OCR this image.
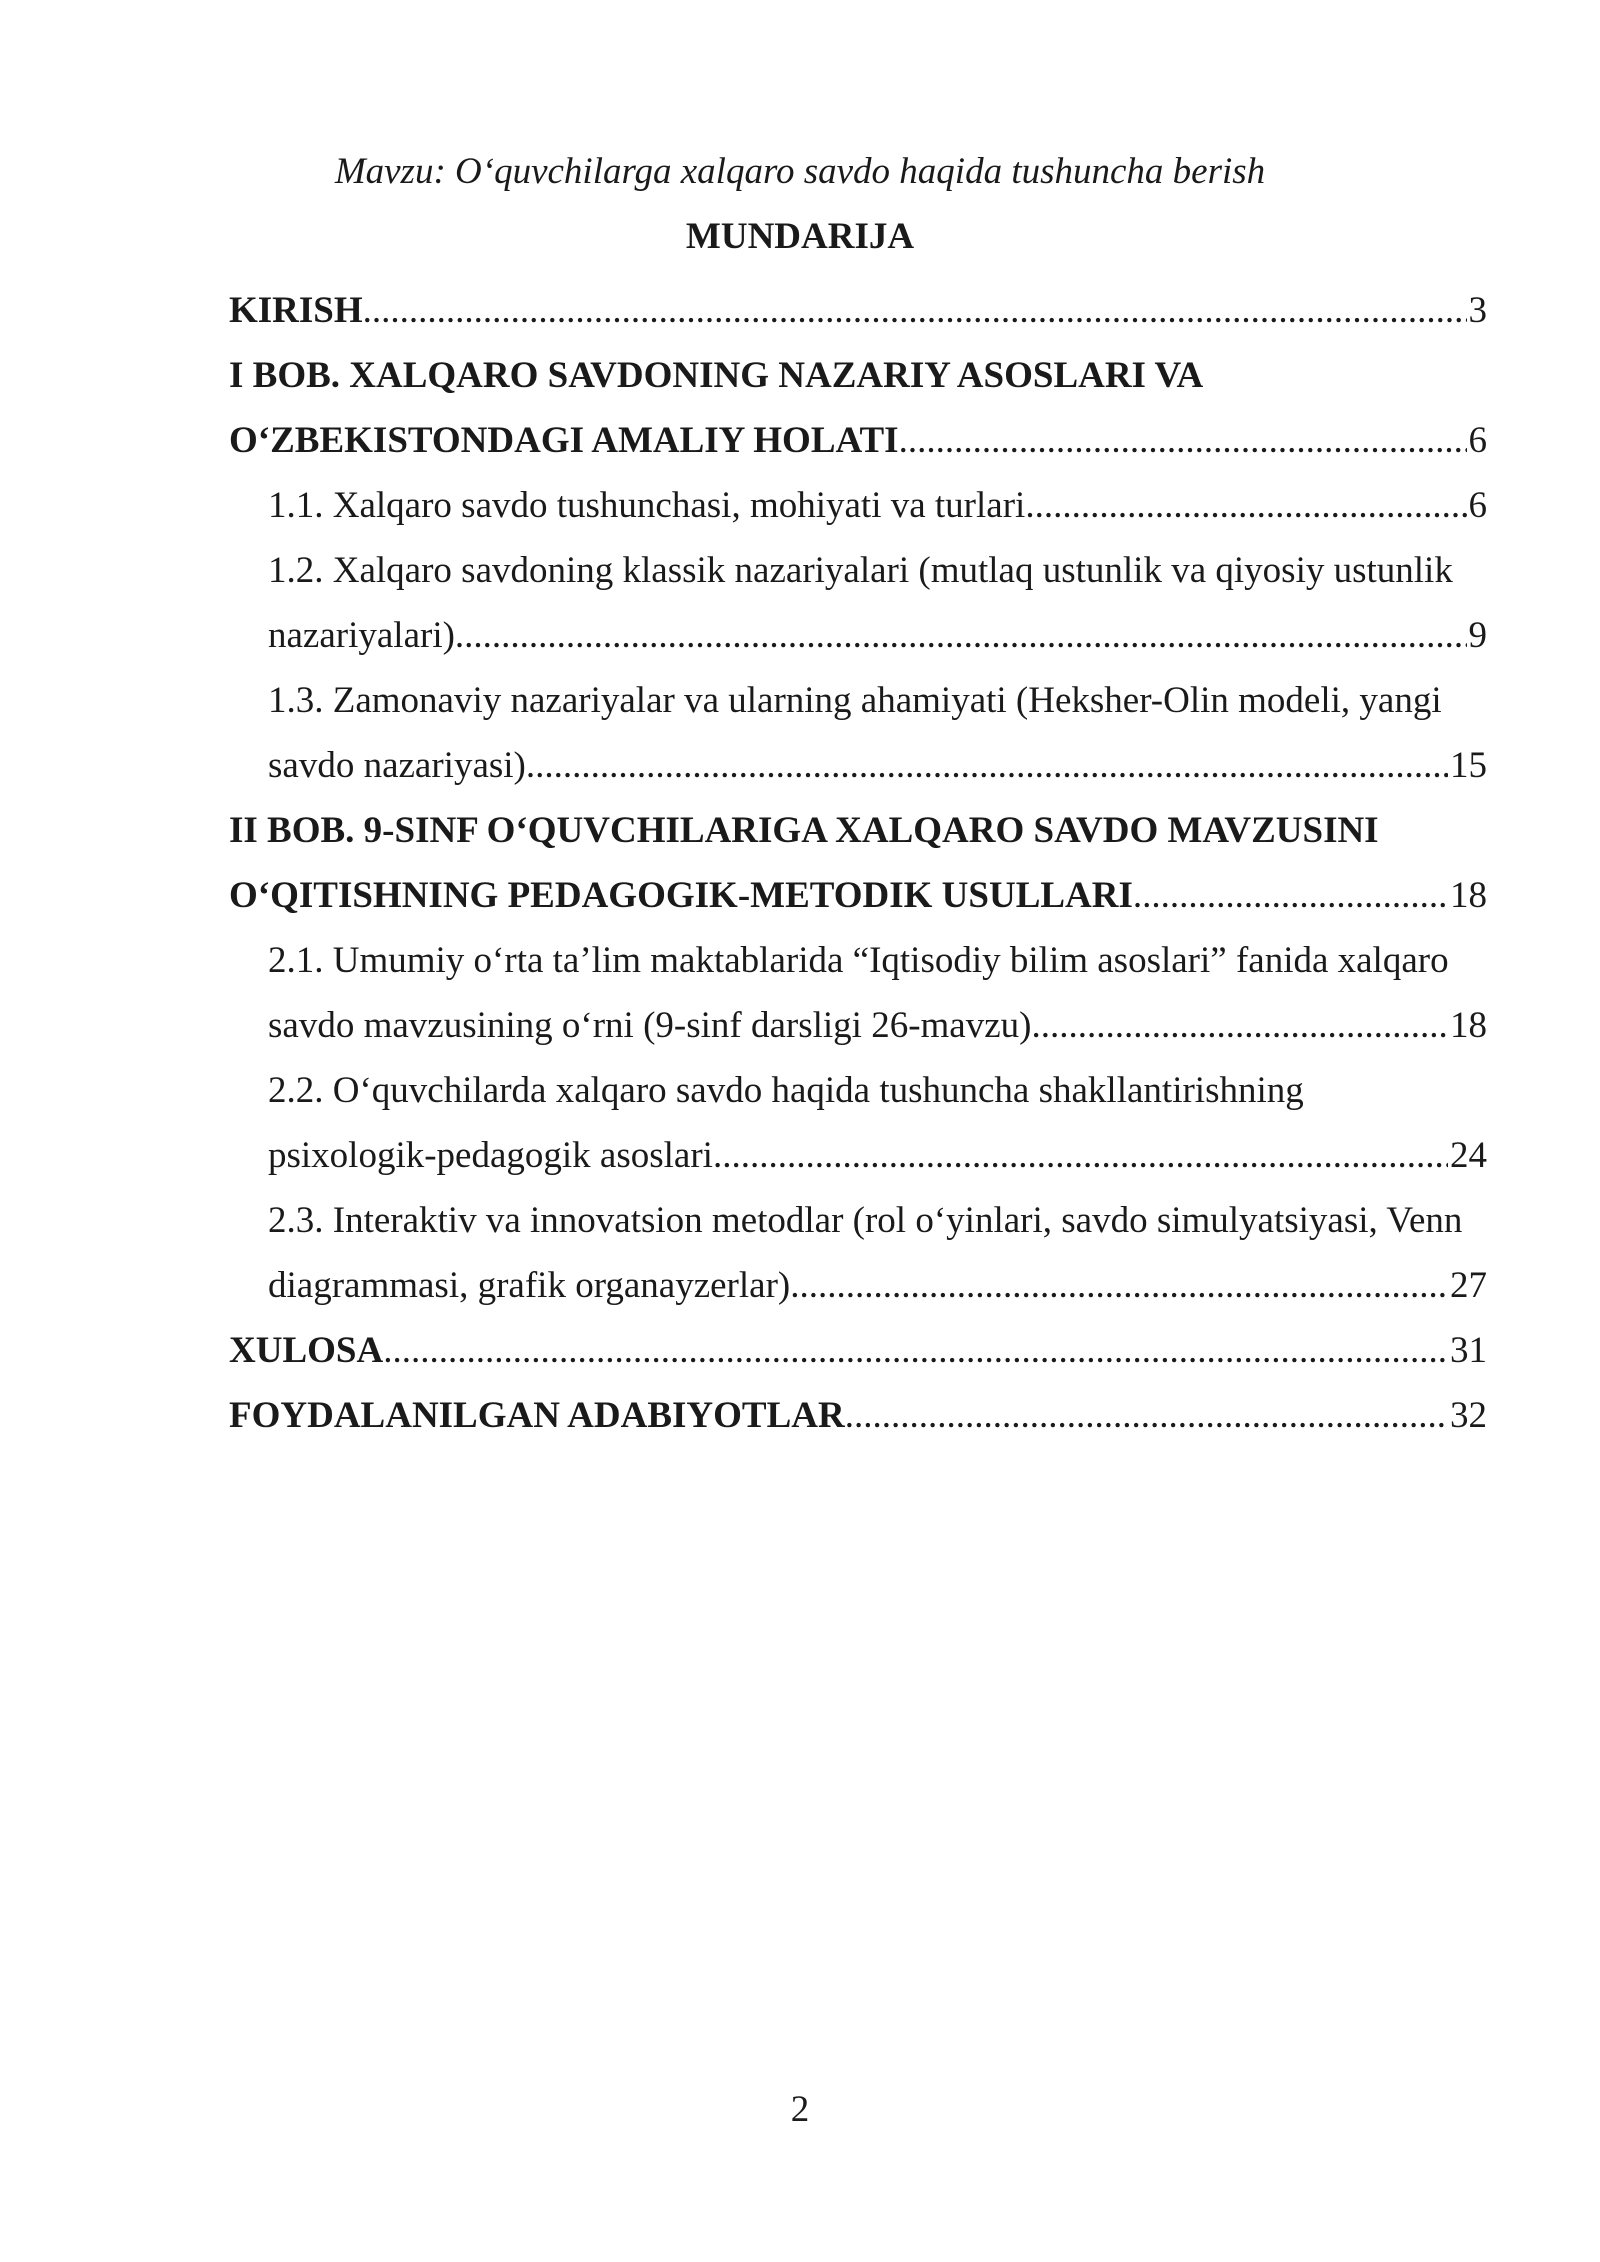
Mavzu: O‘quvchilarga xalqaro savdo haqida tushuncha berish

MUNDARIJA
KIRISH .....	3
I BOB. XALQARO SAVDONING NAZARIY ASOSLARI VA
O‘ZBEKISTONDAGI AMALIY HOLATI .....	6
1.1. Xalqaro savdo tushunchasi, mohiyati va turlari .....	6
1.2. Xalqaro savdoning klassik nazariyalari (mutlaq ustunlik va qiyosiy ustunlik
nazariyalari) .....	9
1.3. Zamonaviy nazariyalar va ularning ahamiyati (Heksher-Olin modeli, yangi
savdo nazariyasi) .....	15
II BOB. 9-SINF O‘QUVCHILARIGA XALQARO SAVDO MAVZUSINI
O‘QITISHNING PEDAGOGIK-METODIK USULLARI .....	18
2.1. Umumiy o‘rta ta’lim maktablarida “Iqtisodiy bilim asoslari” fanida xalqaro
savdo mavzusining o‘rni (9-sinf darsligi 26-mavzu) .....	18
2.2. O‘quvchilarda xalqaro savdo haqida tushuncha shakllantirishning
psixologik-pedagogik asoslari .....	24
2.3. Interaktiv va innovatsion metodlar (rol o‘yinlari, savdo simulyatsiyasi, Venn
diagrammasi, grafik organayzerlar) .....	27
XULOSA .....	31
FOYDALANILGAN ADABIYOTLAR .....	32
2
